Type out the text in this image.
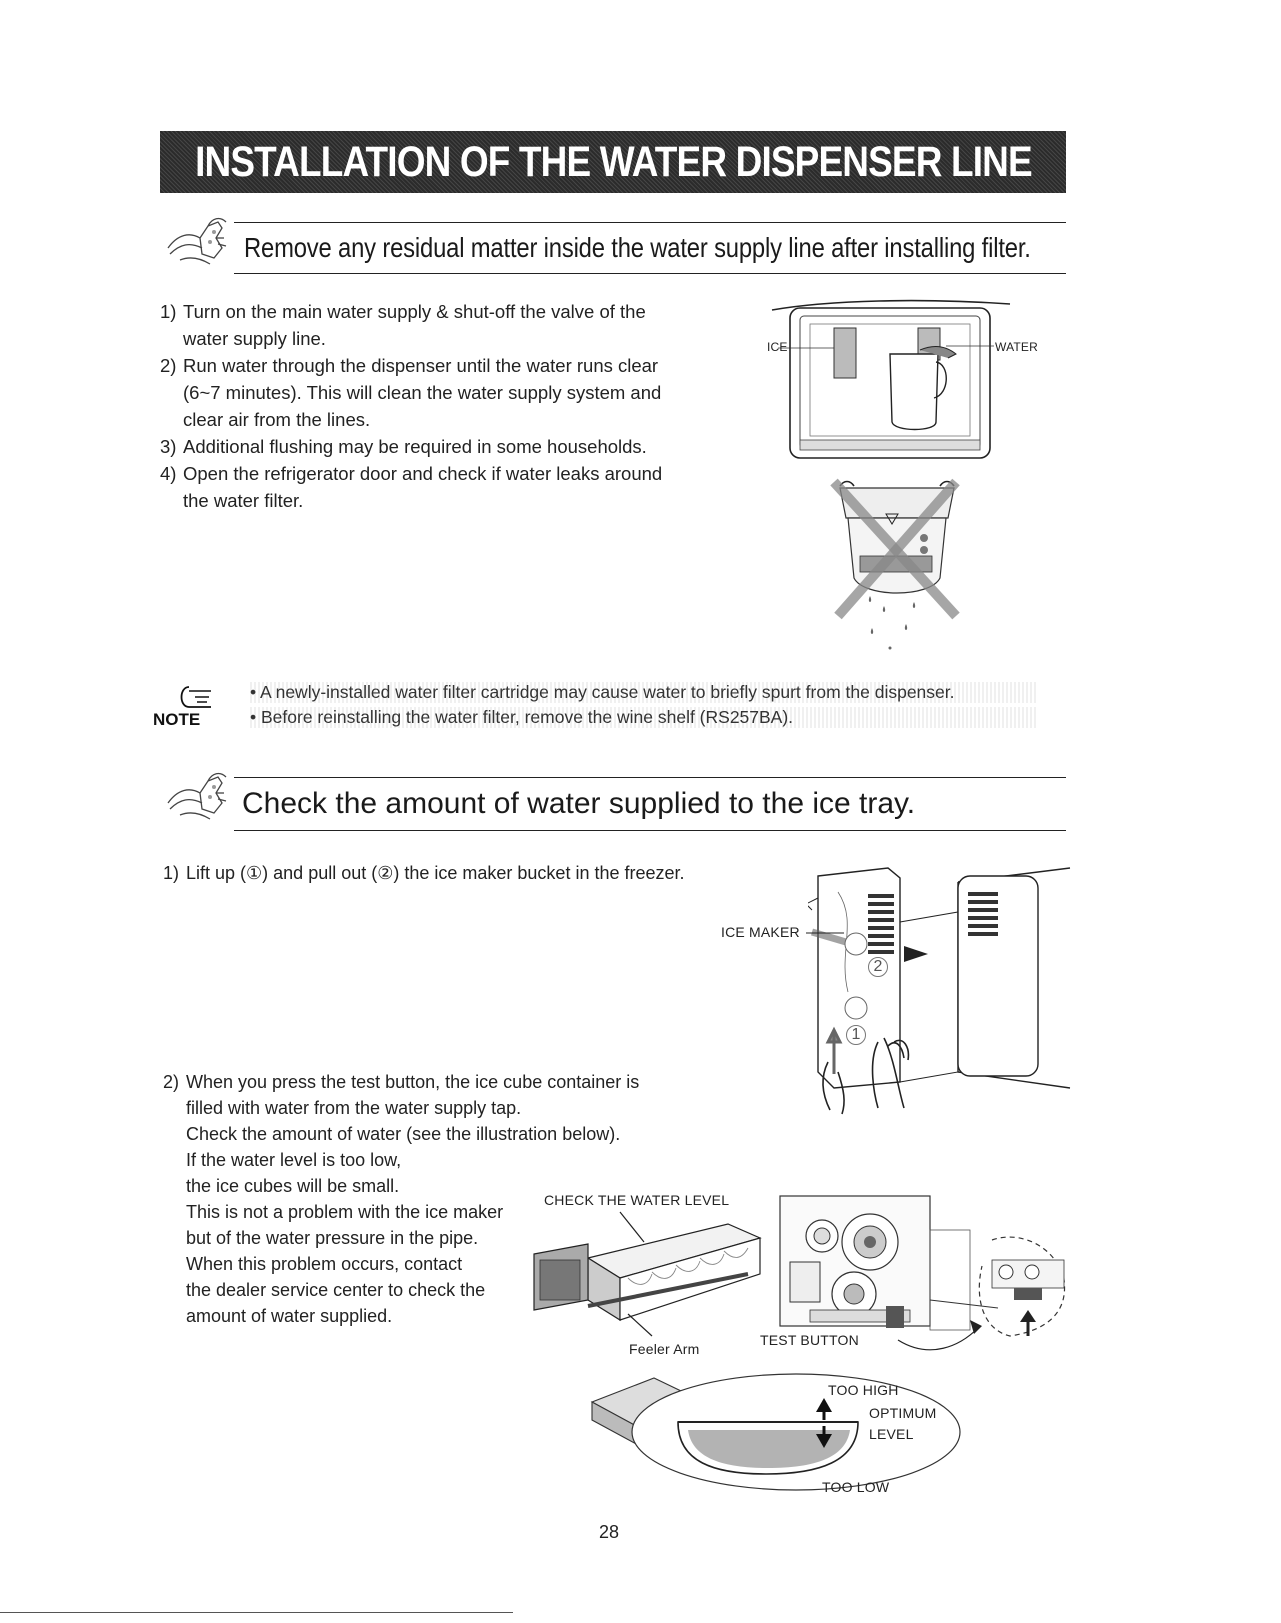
INSTALLATION OF THE WATER DISPENSER LINE
Remove any residual matter inside the water supply line after installing filter.
1) Turn on the main water supply & shut-off the valve of the
water supply line.
2) Run water through the dispenser until the water runs clear
(6~7 minutes). This will clean the water supply system and
clear air from the lines.
3) Additional flushing may be required in some households.
4) Open the refrigerator door and check if water leaks around
the water filter.
ICE	WATER
NOTE
• A newly-installed water filter cartridge may cause water to briefly spurt from the dispenser.
• Before reinstalling the water filter, remove the wine shelf (RS257BA).
Check the amount of water supplied to the ice tray.
1) Lift up (①) and pull out (②) the ice maker bucket in the freezer.
ICE MAKER
2
1
2) When you press the test button, the ice cube container is
filled with water from the water supply tap.
Check the amount of water (see the illustration below).
If the water level is too low,
the ice cubes will be small.
This is not a problem with the ice maker
but of the water pressure in the pipe.
When this problem occurs, contact
the dealer service center to check the
amount of water supplied.
CHECK THE WATER LEVEL
Feeler Arm
TEST BUTTON
TOO HIGH
OPTIMUM
LEVEL
TOO LOW
28
